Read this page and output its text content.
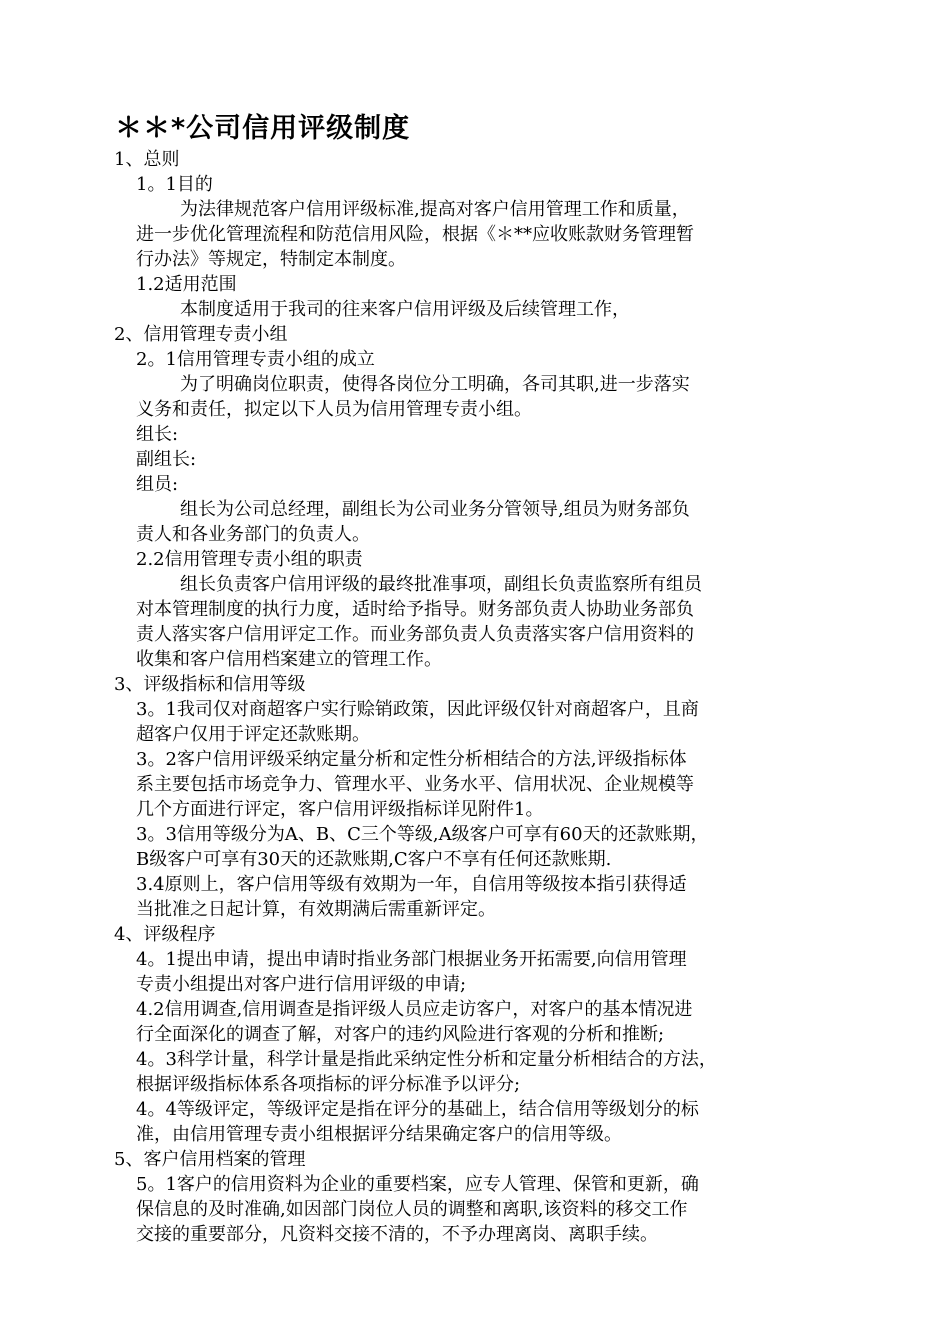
＊＊*公司信用评级制度
1、总则
1。1目的
为法律规范客户信用评级标准,提高对客户信用管理工作和质量，
进一步优化管理流程和防范信用风险，根据《＊**应收账款财务管理暂
行办法》等规定，特制定本制度。
1.2适用范围
本制度适用于我司的往来客户信用评级及后续管理工作，
2、信用管理专责小组
2。1信用管理专责小组的成立
为了明确岗位职责，使得各岗位分工明确，各司其职,进一步落实
义务和责任，拟定以下人员为信用管理专责小组。
组长:
副组长:
组员:
组长为公司总经理，副组长为公司业务分管领导,组员为财务部负
责人和各业务部门的负责人。
2.2信用管理专责小组的职责
组长负责客户信用评级的最终批准事项，副组长负责监察所有组员
对本管理制度的执行力度，适时给予指导。财务部负责人协助业务部负
责人落实客户信用评定工作。而业务部负责人负责落实客户信用资料的
收集和客户信用档案建立的管理工作。
3、评级指标和信用等级
3。1我司仅对商超客户实行赊销政策，因此评级仅针对商超客户，且商
超客户仅用于评定还款账期。
3。2客户信用评级采纳定量分析和定性分析相结合的方法,评级指标体
系主要包括市场竞争力、管理水平、业务水平、信用状况、企业规模等
几个方面进行评定，客户信用评级指标详见附件1。
3。3信用等级分为A、B、C三个等级,A级客户可享有60天的还款账期，
B级客户可享有30天的还款账期,C客户不享有任何还款账期.
3.4原则上，客户信用等级有效期为一年，自信用等级按本指引获得适
当批准之日起计算，有效期满后需重新评定。
4、评级程序
4。1提出申请，提出申请时指业务部门根据业务开拓需要,向信用管理
专责小组提出对客户进行信用评级的申请;
4.2信用调查,信用调查是指评级人员应走访客户，对客户的基本情况进
行全面深化的调查了解，对客户的违约风险进行客观的分析和推断;
4。3科学计量，科学计量是指此采纳定性分析和定量分析相结合的方法，
根据评级指标体系各项指标的评分标准予以评分;
4。4等级评定，等级评定是指在评分的基础上，结合信用等级划分的标
准，由信用管理专责小组根据评分结果确定客户的信用等级。
5、客户信用档案的管理
5。1客户的信用资料为企业的重要档案，应专人管理、保管和更新，确
保信息的及时准确,如因部门岗位人员的调整和离职,该资料的移交工作
交接的重要部分，凡资料交接不清的，不予办理离岗、离职手续。
